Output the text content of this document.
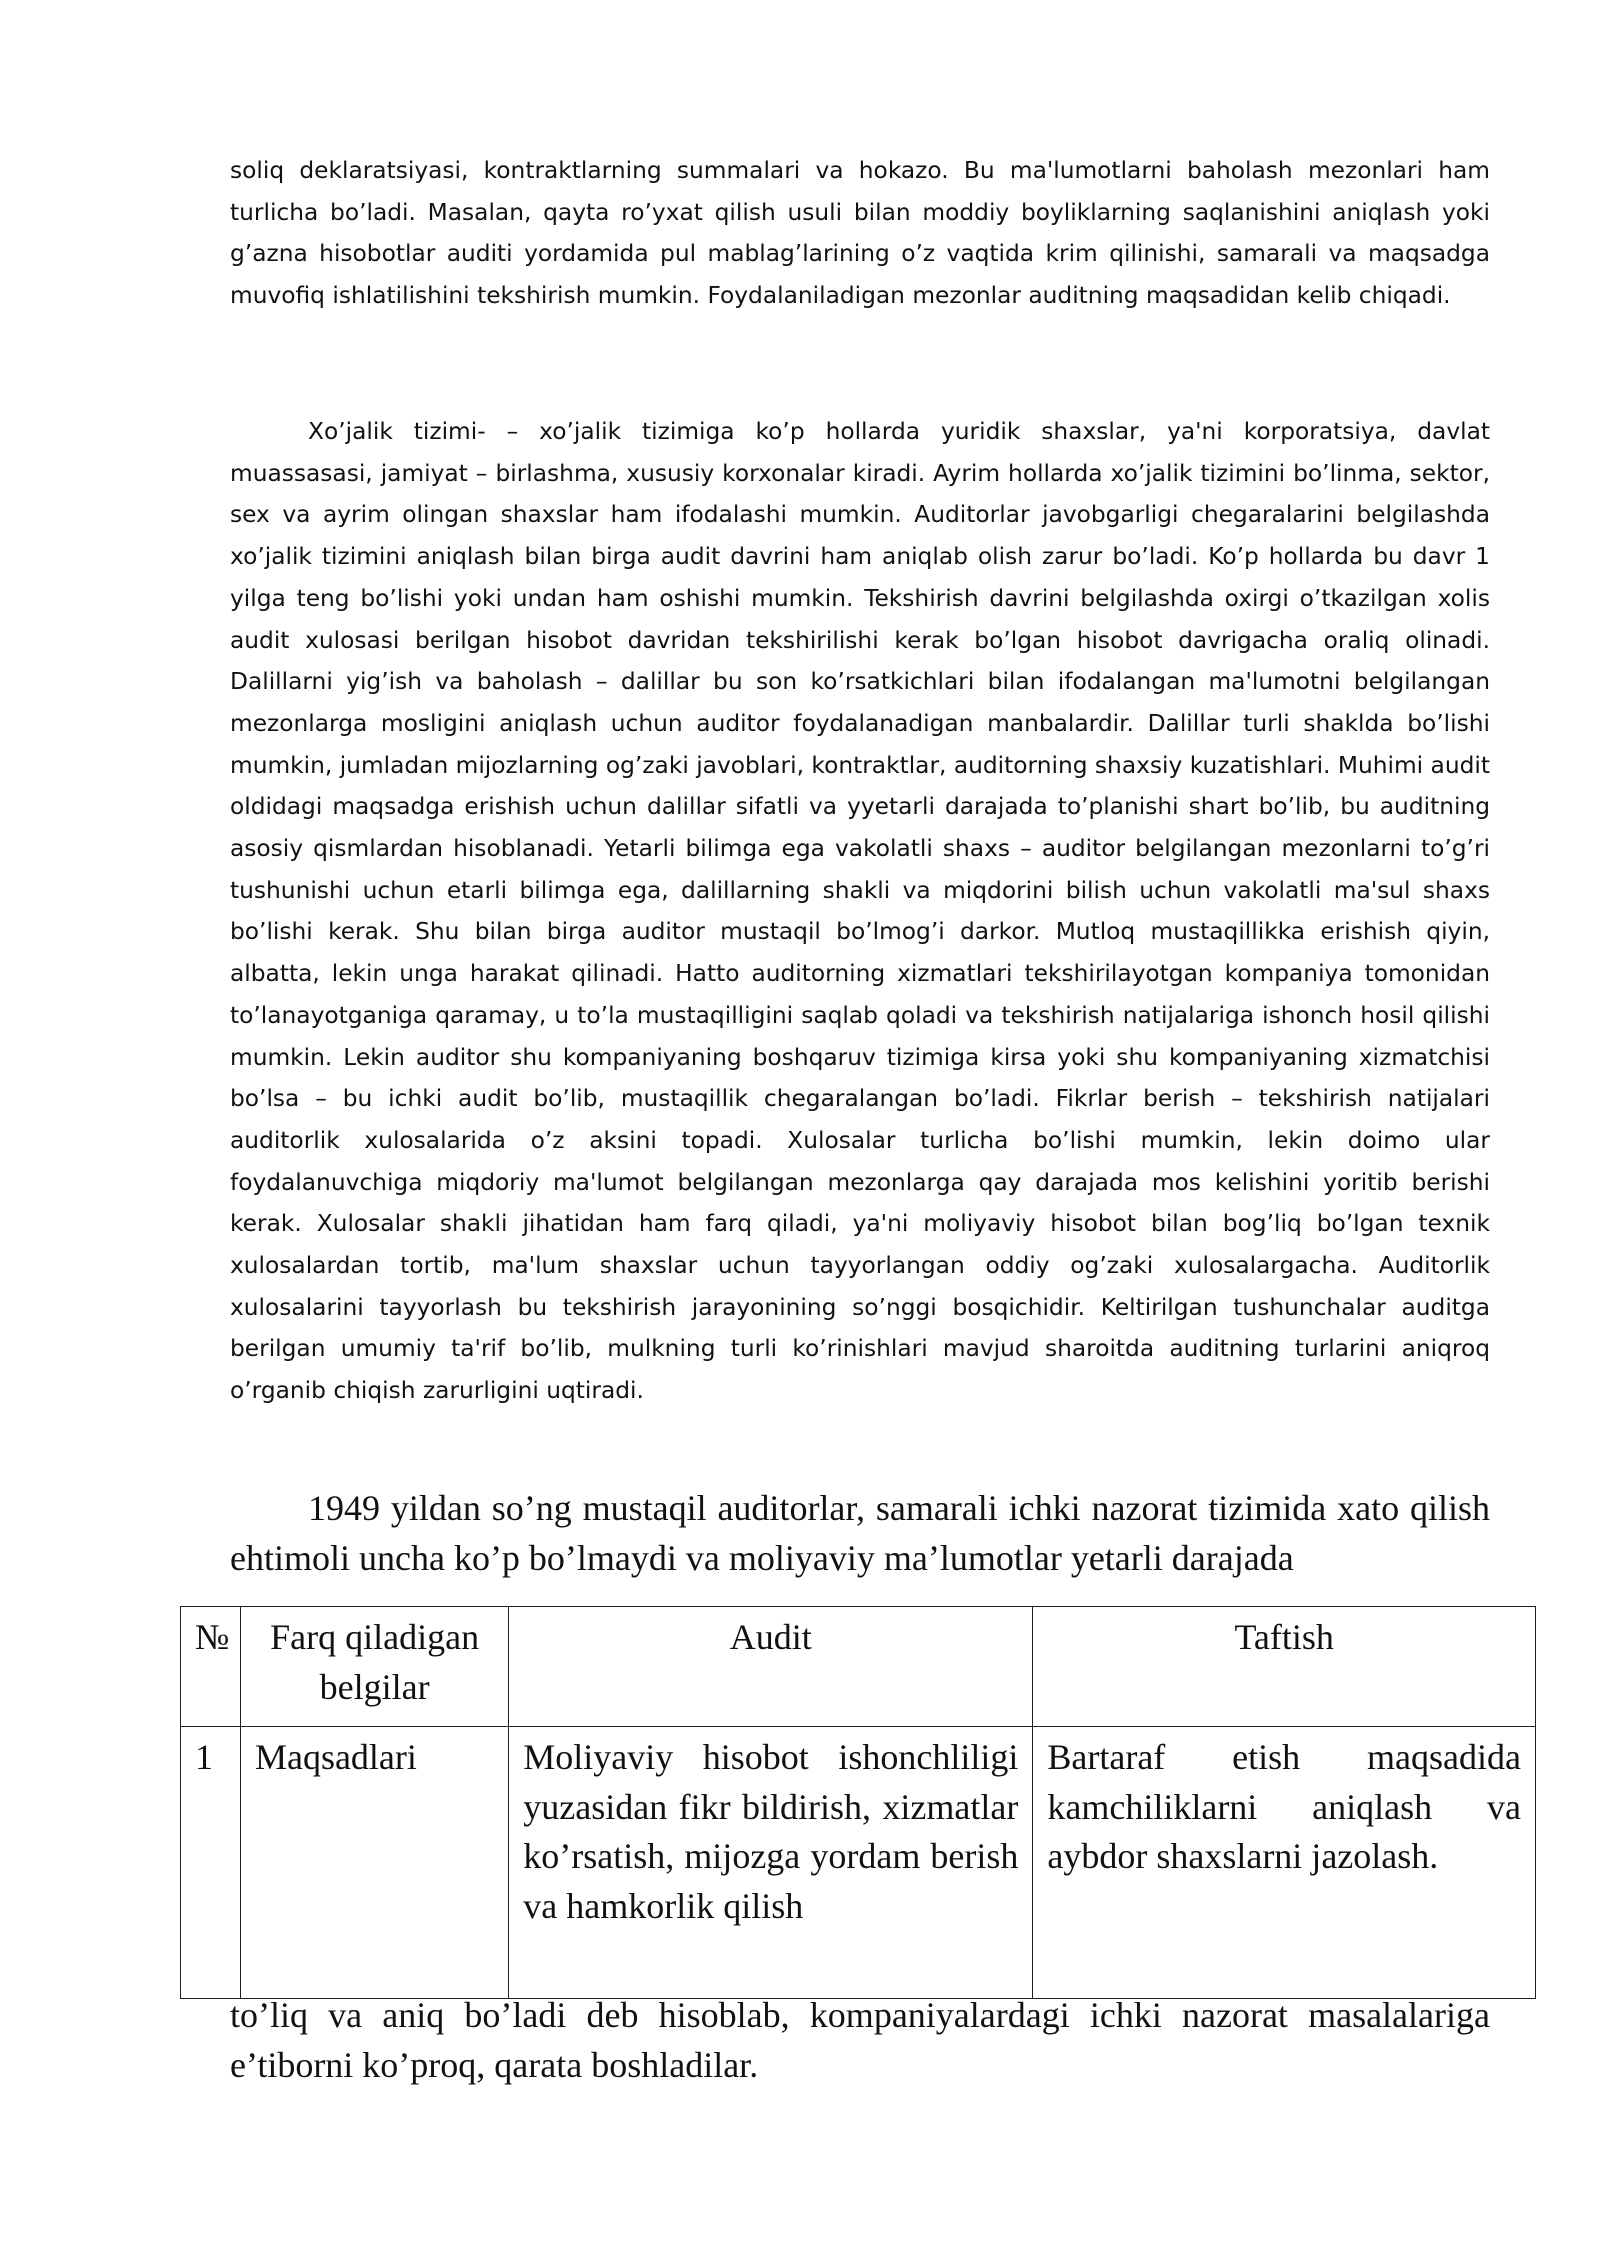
soliq deklaratsiyasi, kontraktlarning summalari va hokazo. Bu ma'lumotlarni baholash mezonlari ham turlicha bo’ladi. Masalan, qayta ro’yxat qilish usuli bilan moddiy boyliklarning saqlanishini aniqlash yoki g’azna hisobotlar auditi yordamida pul mablag’larining o’z vaqtida krim qilinishi, samarali va maqsadga muvofiq ishlatilishini tekshirish mumkin. Foydalaniladigan mezonlar auditning maqsadidan kelib chiqadi.

Xo’jalik tizimi- – xo’jalik tizimiga ko’p hollarda yuridik shaxslar, ya'ni korporatsiya, davlat muassasasi, jamiyat – birlashma, xususiy korxonalar kiradi. Ayrim hollarda xo’jalik tizimini bo’linma, sektor, sex va ayrim olingan shaxslar ham ifodalashi mumkin. Auditorlar javobgarligi chegaralarini belgilashda xo’jalik tizimini aniqlash bilan birga audit davrini ham aniqlab olish zarur bo’ladi. Ko’p hollarda bu davr 1 yilga teng bo’lishi yoki undan ham oshishi mumkin. Tekshirish davrini belgilashda oxirgi o’tkazilgan xolis audit xulosasi berilgan hisobot davridan tekshirilishi kerak bo’lgan hisobot davrigacha oraliq olinadi. Dalillarni yig’ish va baholash – dalillar bu son ko’rsatkichlari bilan ifodalangan ma'lumotni belgilangan mezonlarga mosligini aniqlash uchun auditor foydalanadigan manbalardir. Dalillar turli shaklda bo’lishi mumkin, jumladan mijozlarning og’zaki javoblari, kontraktlar, auditorning shaxsiy kuzatishlari. Muhimi audit oldidagi maqsadga erishish uchun dalillar sifatli va yyetarli darajada to’planishi shart bo’lib, bu auditning asosiy qismlardan hisoblanadi. Yetarli bilimga ega vakolatli shaxs – auditor belgilangan mezonlarni to’g’ri tushunishi uchun etarli bilimga ega, dalillarning shakli va miqdorini bilish uchun vakolatli ma'sul shaxs bo’lishi kerak. Shu bilan birga auditor mustaqil bo’lmog’i darkor. Mutloq mustaqillikka erishish qiyin, albatta, lekin unga harakat qilinadi. Hatto auditorning xizmatlari tekshirilayotgan kompaniya tomonidan to’lanayotganiga qaramay, u to’la mustaqilligini saqlab qoladi va tekshirish natijalariga ishonch hosil qilishi mumkin. Lekin auditor shu kompaniyaning boshqaruv tizimiga kirsa yoki shu kompaniyaning xizmatchisi bo’lsa – bu ichki audit bo’lib, mustaqillik chegaralangan bo’ladi. Fikrlar berish – tekshirish natijalari auditorlik xulosalarida o’z aksini topadi. Xulosalar turlicha bo’lishi mumkin, lekin doimo ular foydalanuvchiga miqdoriy ma'lumot belgilangan mezonlarga qay darajada mos kelishini yoritib berishi kerak. Xulosalar shakli jihatidan ham farq qiladi, ya'ni moliyaviy hisobot bilan bog’liq bo’lgan texnik xulosalardan tortib, ma'lum shaxslar uchun tayyorlangan oddiy og’zaki xulosalargacha. Auditorlik xulosalarini tayyorlash bu tekshirish jarayonining so’nggi bosqichidir. Keltirilgan tushunchalar auditga berilgan umumiy ta'rif bo’lib, mulkning turli ko’rinishlari mavjud sharoitda auditning turlarini aniqroq o’rganib chiqish zarurligini uqtiradi.

1949 yildan so’ng mustaqil auditorlar, samarali ichki nazorat tizimida xato qilish ehtimoli uncha ko’p bo’lmaydi va moliyaviy ma’lumotlar yetarli darajada

№	Farq qiladigan belgilar	Audit	Taftish
1	Maqsadlari	Moliyaviy hisobot ishonchliligi yuzasidan fikr bildirish, xizmatlar ko’rsatish, mijozga yordam berish va hamkorlik qilish	Bartaraf etish maqsadida kamchiliklarni aniqlash va aybdor shaxslarni jazolash.

to’liq va aniq bo’ladi deb hisoblab, kompaniyalardagi ichki nazorat masalalariga e’tiborni ko’proq, qarata boshladilar.
